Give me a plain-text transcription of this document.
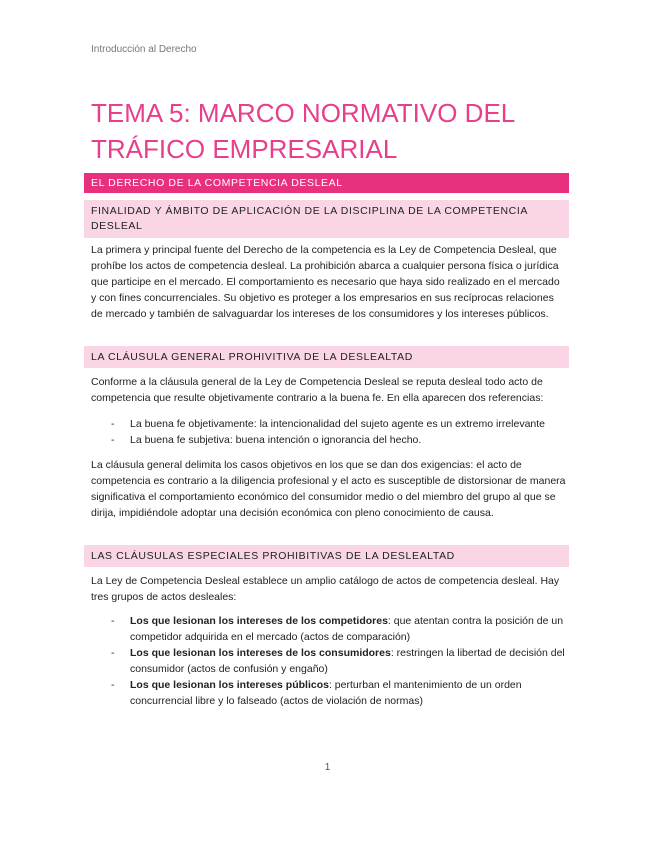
Introducción al Derecho
TEMA 5: MARCO NORMATIVO DEL TRÁFICO EMPRESARIAL
EL DERECHO DE LA COMPETENCIA DESLEAL
FINALIDAD Y ÁMBITO DE APLICACIÓN DE LA DISCIPLINA DE LA COMPETENCIA DESLEAL

La primera y principal fuente del Derecho de la competencia es la Ley de Competencia Desleal, que prohíbe los actos de competencia desleal. La prohibición abarca a cualquier persona física o jurídica que participe en el mercado. El comportamiento es necesario que haya sido realizado en el mercado y con fines concurrenciales. Su objetivo es proteger a los empresarios en sus recíprocas relaciones de mercado y también de salvaguardar los intereses de los consumidores y los intereses públicos.

LA CLÁUSULA GENERAL PROHIVITIVA DE LA DESLEALTAD

Conforme a la cláusula general de la Ley de Competencia Desleal se reputa desleal todo acto de competencia que resulte objetivamente contrario a la buena fe. En ella aparecen dos referencias:

- La buena fe objetivamente: la intencionalidad del sujeto agente es un extremo irrelevante
- La buena fe subjetiva: buena intención o ignorancia del hecho.

La cláusula general delimita los casos objetivos en los que se dan dos exigencias: el acto de competencia es contrario a la diligencia profesional y el acto es susceptible de distorsionar de manera significativa el comportamiento económico del consumidor medio o del miembro del grupo al que se dirija, impidiéndole adoptar una decisión económica con pleno conocimiento de causa.

LAS CLÁUSULAS ESPECIALES PROHIBITIVAS DE LA DESLEALTAD

La Ley de Competencia Desleal establece un amplio catálogo de actos de competencia desleal. Hay tres grupos de actos desleales:

- Los que lesionan los intereses de los competidores: que atentan contra la posición de un competidor adquirida en el mercado (actos de comparación)
- Los que lesionan los intereses de los consumidores: restringen la libertad de decisión del consumidor (actos de confusión y engaño)
- Los que lesionan los intereses públicos: perturban el mantenimiento de un orden concurrencial libre y lo falseado (actos de violación de normas)
1
